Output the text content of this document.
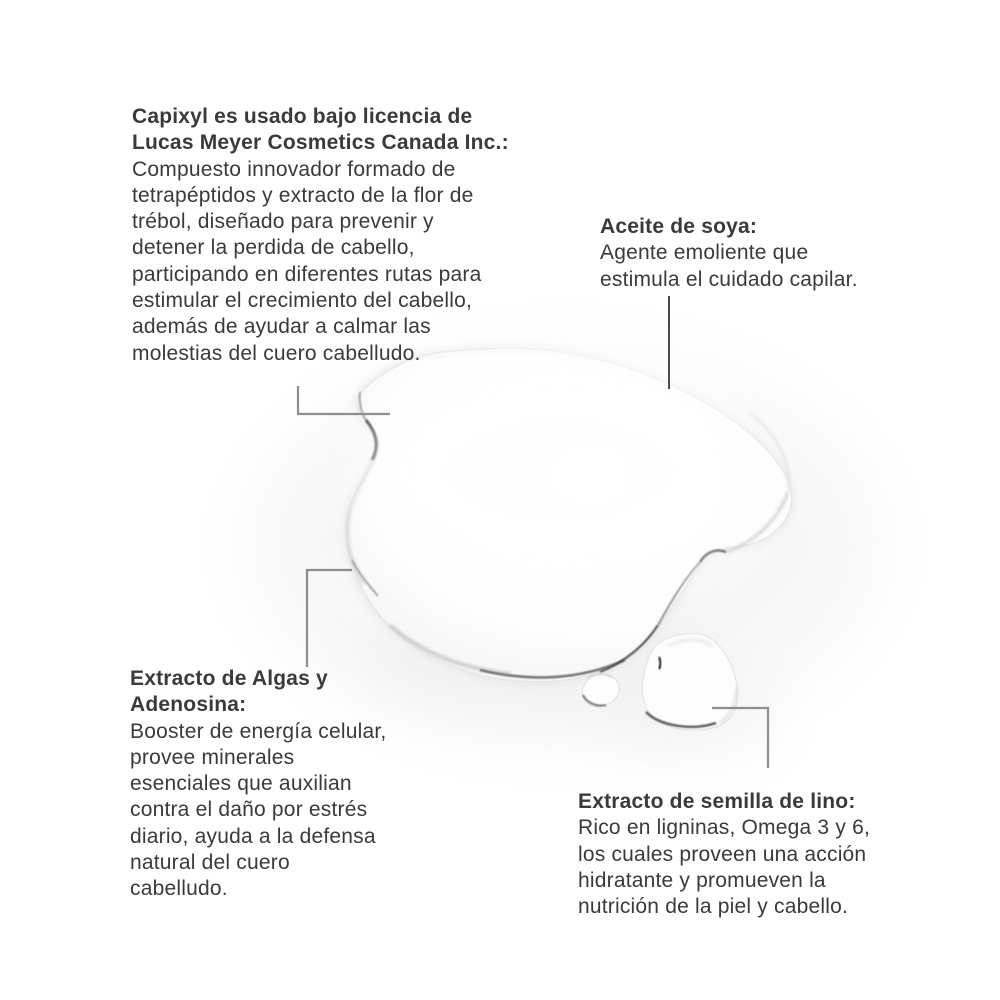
Capixyl es usado bajo licencia de
Lucas Meyer Cosmetics Canada Inc.:
Compuesto innovador formado de
tetrapéptidos y extracto de la flor de
trébol, diseñado para prevenir y
detener la perdida de cabello,
participando en diferentes rutas para
estimular el crecimiento del cabello,
además de ayudar a calmar las
molestias del cuero cabelludo.
Aceite de soya:
Agente emoliente que
estimula el cuidado capilar.
Extracto de Algas y
Adenosina:
Booster de energía celular,
provee minerales
esenciales que auxilian
contra el daño por estrés
diario, ayuda a la defensa
natural del cuero
cabelludo.
Extracto de semilla de lino:
Rico en ligninas, Omega 3 y 6,
los cuales proveen una acción
hidratante y promueven la
nutrición de la piel y cabello.
